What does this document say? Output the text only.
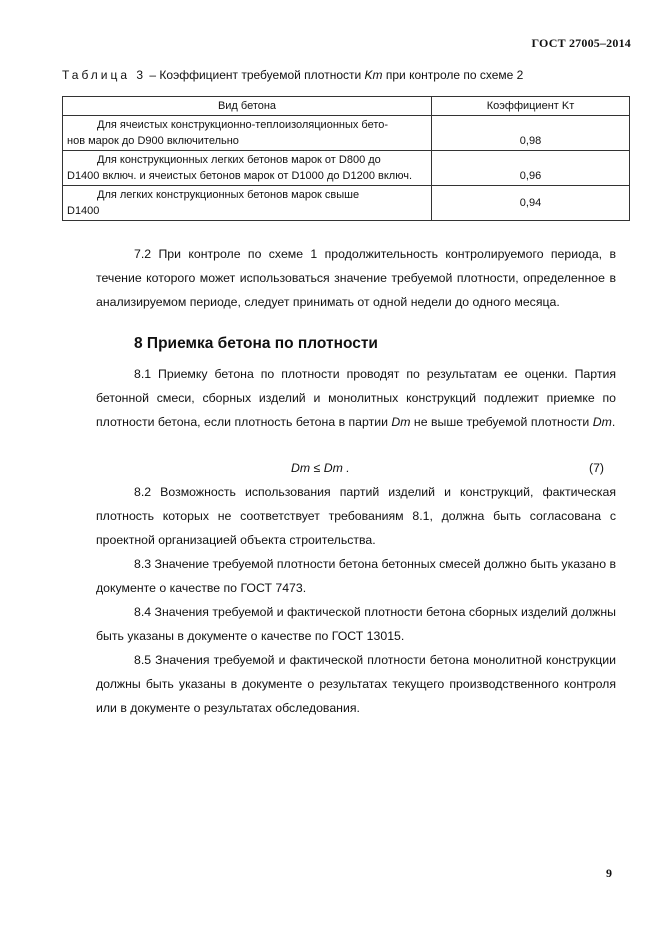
ГОСТ 27005–2014
Таблица 3 – Коэффициент требуемой плотности Kт при контроле по схеме 2
Вид бетона	Коэффициент Kт

Для ячеистых конструкционно-теплоизоляционных бето-
нов марок до D900 включительно	0,98

Для конструкционных легких бетонов марок от D800 до
D1400 включ. и ячеистых бетонов марок от D1000 до D1200 включ.	0,96

Для легких конструкционных бетонов марок свыше
D1400	0,94

7.2 При контроле по схеме 1 продолжительность контролируемого периода, в течение которого может использоваться значение требуемой плотности, определенное в анализируемом периоде, следует принимать от одной недели до одного месяца.

8 Приемка бетона по плотности

8.1 Приемку бетона по плотности проводят по результатам ее оценки. Партия бетонной смеси, сборных изделий и монолитных конструкций подлежит приемке по плотности бетона, если плотность бетона в партии Dm не выше требуемой плотности Dт.

Dm ≤ Dт .	(7)

8.2 Возможность использования партий изделий и конструкций, фактическая плотность которых не соответствует требованиям 8.1, должна быть согласована с проектной организацией объекта строительства.

8.3 Значение требуемой плотности бетона бетонных смесей должно быть указано в документе о качестве по ГОСТ 7473.

8.4 Значения требуемой и фактической плотности бетона сборных изделий должны быть указаны в документе о качестве по ГОСТ 13015.

8.5 Значения требуемой и фактической плотности бетона монолитной конструкции должны быть указаны в документе о результатах текущего производственного контроля или в документе о результатах обследования.

9
